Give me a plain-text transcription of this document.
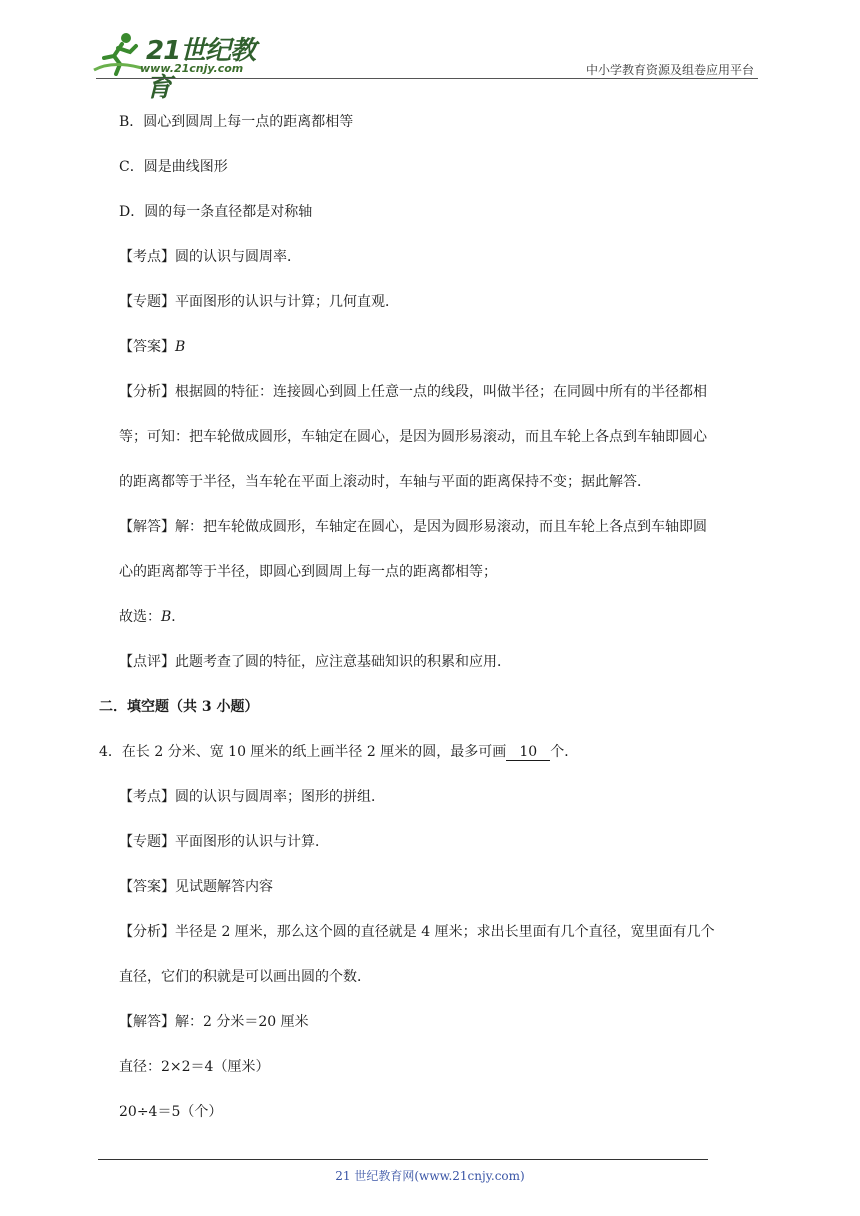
21世纪教育
www.21cnjy.com	中小学教育资源及组卷应用平台
B．圆心到圆周上每一点的距离都相等
C．圆是曲线图形
D．圆的每一条直径都是对称轴
【考点】圆的认识与圆周率．
【专题】平面图形的认识与计算；几何直观．
【答案】B
【分析】根据圆的特征：连接圆心到圆上任意一点的线段，叫做半径；在同圆中所有的半径都相
等；可知：把车轮做成圆形，车轴定在圆心，是因为圆形易滚动，而且车轮上各点到车轴即圆心
的距离都等于半径，当车轮在平面上滚动时，车轴与平面的距离保持不变；据此解答．
【解答】解：把车轮做成圆形，车轴定在圆心，是因为圆形易滚动，而且车轮上各点到车轴即圆
心的距离都等于半径，即圆心到圆周上每一点的距离都相等；
故选：B．
【点评】此题考查了圆的特征，应注意基础知识的积累和应用．
二．填空题（共 3 小题）
4．在长 2 分米、宽 10 厘米的纸上画半径 2 厘米的圆，最多可画 10 个．
【考点】圆的认识与圆周率；图形的拼组．
【专题】平面图形的认识与计算．
【答案】见试题解答内容
【分析】半径是 2 厘米，那么这个圆的直径就是 4 厘米；求出长里面有几个直径，宽里面有几个
直径，它们的积就是可以画出圆的个数．
【解答】解：2 分米＝20 厘米
直径：2×2＝4（厘米）
20÷4＝5（个）
21 世纪教育网(www.21cnjy.com)
